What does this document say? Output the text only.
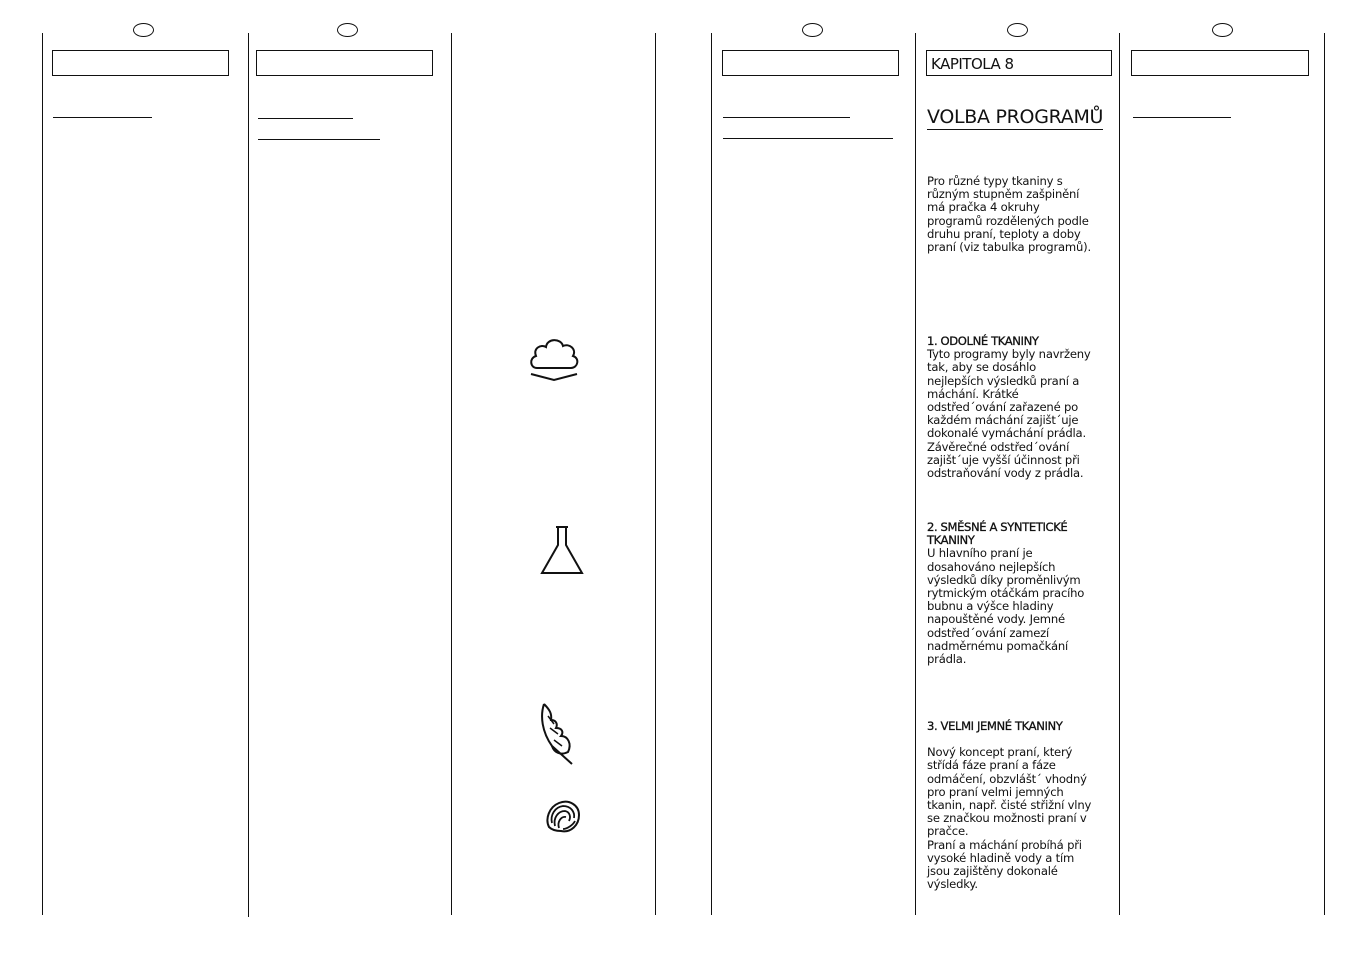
KAPITOLA 8
VOLBA PROGRAMŮ

Pro různé typy tkaniny s
různým stupněm zašpinění
má pračka 4 okruhy
programů rozdělených podle
druhu praní, teploty a doby
praní (viz tabulka programů).

1. ODOLNÉ TKANINY

Tyto programy byly navrženy
tak, aby se dosáhlo
nejlepších výsledků praní a
máchání. Krátké
odstřed´ování zařazené po
každém máchání zajišt´uje
dokonalé vymáchání prádla.
Závěrečné odstřed´ování
zajišt´uje vyšší účinnost při
odstraňování vody z prádla.

2. SMĚSNÉ A SYNTETICKÉ
TKANINY

U hlavního praní je
dosahováno nejlepších
výsledků díky proměnlivým
rytmickým otáčkám pracího
bubnu a výšce hladiny
napouštěné vody. Jemné
odstřed´ování zamezí
nadměrnému pomačkání
prádla.

3. VELMI JEMNÉ TKANINY

Nový koncept praní, který
střídá fáze praní a fáze
odmáčení, obzvlášt´ vhodný
pro praní velmi jemných
tkanin, např. čisté střižní vlny
se značkou možnosti praní v
pračce.
Praní a máchání probíhá při
vysoké hladině vody a tím
jsou zajištěny dokonalé
výsledky.
